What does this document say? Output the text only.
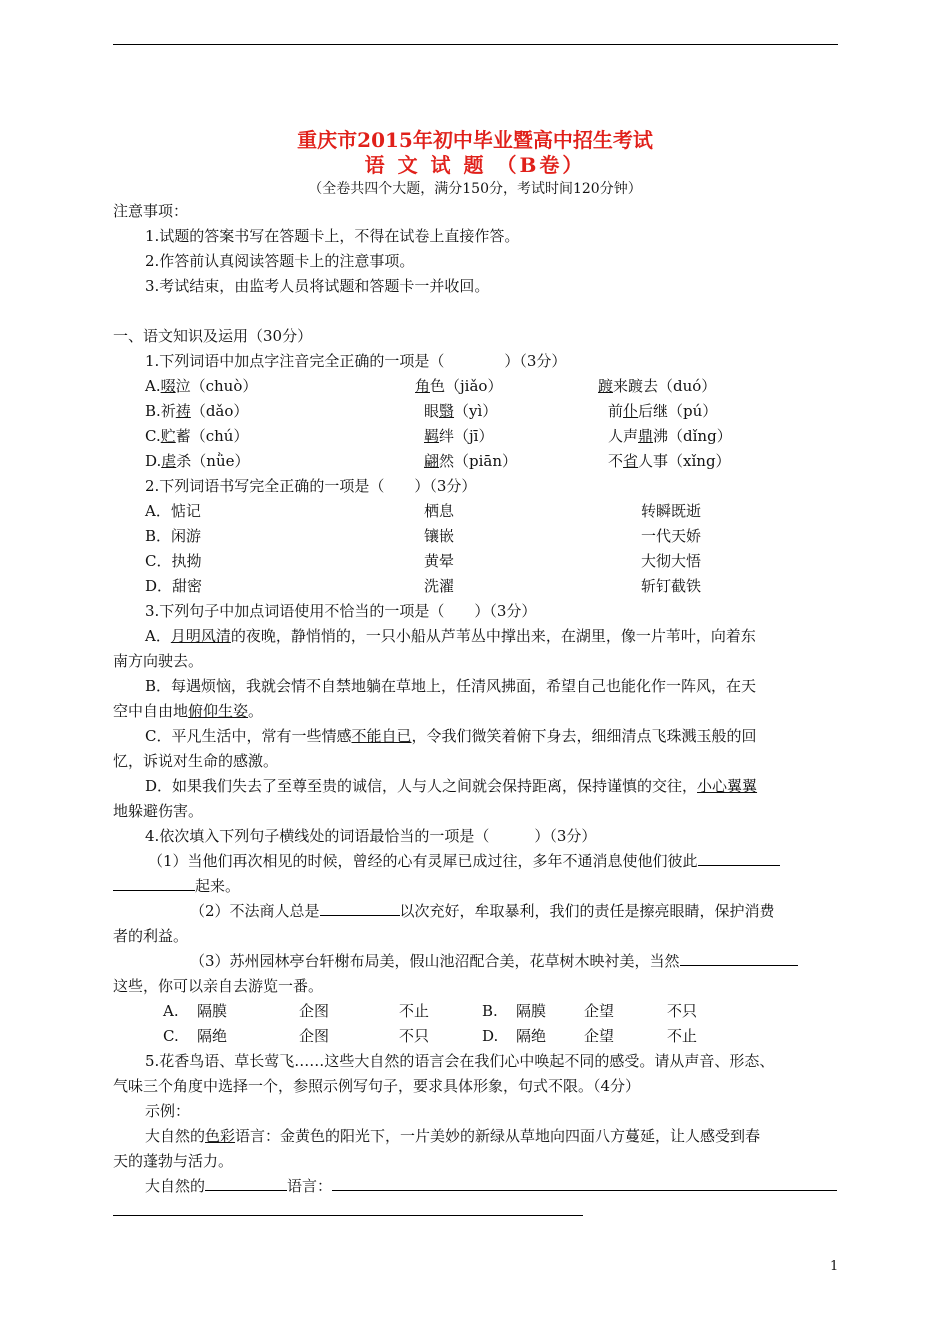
重庆市2015年初中毕业暨高中招生考试
语 文 试 题 （B卷）
（全卷共四个大题，满分150分，考试时间120分钟）
注意事项：
1.试题的答案书写在答题卡上，不得在试卷上直接作答。
2.作答前认真阅读答题卡上的注意事项。
3.考试结束，由监考人员将试题和答题卡一并收回。
一、语文知识及运用（30分）
1.下列词语中加点字注音完全正确的一项是（　　　　）（3分）
A.啜泣（chuò）	角色（jiǎo）	踱来踱去（duó）
B.祈祷（dǎo）	眼翳（yì）	前仆后继（pú）
C.贮蓄（chú）	羁绊（jī）	人声鼎沸（dǐng）
D.虐杀（nǜe）	翩然（piān）	不省人事（xǐng）
2.下列词语书写完全正确的一项是（　　）（3分）
A．惦记	栖息	转瞬既逝
B．闲游	镶嵌	一代天娇
C．执拗	黄晕	大彻大悟
D．甜密	洗濯	斩钉截铁
3.下列句子中加点词语使用不恰当的一项是（　　）（3分）
A．月明风清的夜晚，静悄悄的，一只小船从芦苇丛中撑出来，在湖里，像一片苇叶，向着东
南方向驶去。
B．每遇烦恼，我就会情不自禁地躺在草地上，任清风拂面，希望自己也能化作一阵风，在天
空中自由地俯仰生姿。
C．平凡生活中，常有一些情感不能自已，令我们微笑着俯下身去，细细清点飞珠溅玉般的回
忆，诉说对生命的感激。
D．如果我们失去了至尊至贵的诚信，人与人之间就会保持距离，保持谨慎的交往，小心翼翼
地躲避伤害。
4.依次填入下列句子横线处的词语最恰当的一项是（　　　）（3分）
（1）当他们再次相见的时候，曾经的心有灵犀已成过往，多年不通消息使他们彼此
起来。
（2）不法商人总是	以次充好，牟取暴利，我们的责任是擦亮眼睛，保护消费
者的利益。
（3）苏州园林亭台轩榭布局美，假山池沼配合美，花草树木映衬美，当然
这些，你可以亲自去游览一番。
A. 隔膜	企图	不止	B. 隔膜	企望	不只
C. 隔绝	企图	不只	D. 隔绝	企望	不止
5.花香鸟语、草长莺飞……这些大自然的语言会在我们心中唤起不同的感受。请从声音、形态、
气味三个角度中选择一个，参照示例写句子，要求具体形象，句式不限。（4分）
示例：
大自然的色彩语言：金黄色的阳光下，一片美妙的新绿从草地向四面八方蔓延，让人感受到春
天的蓬勃与活力。
大自然的	语言：
1
